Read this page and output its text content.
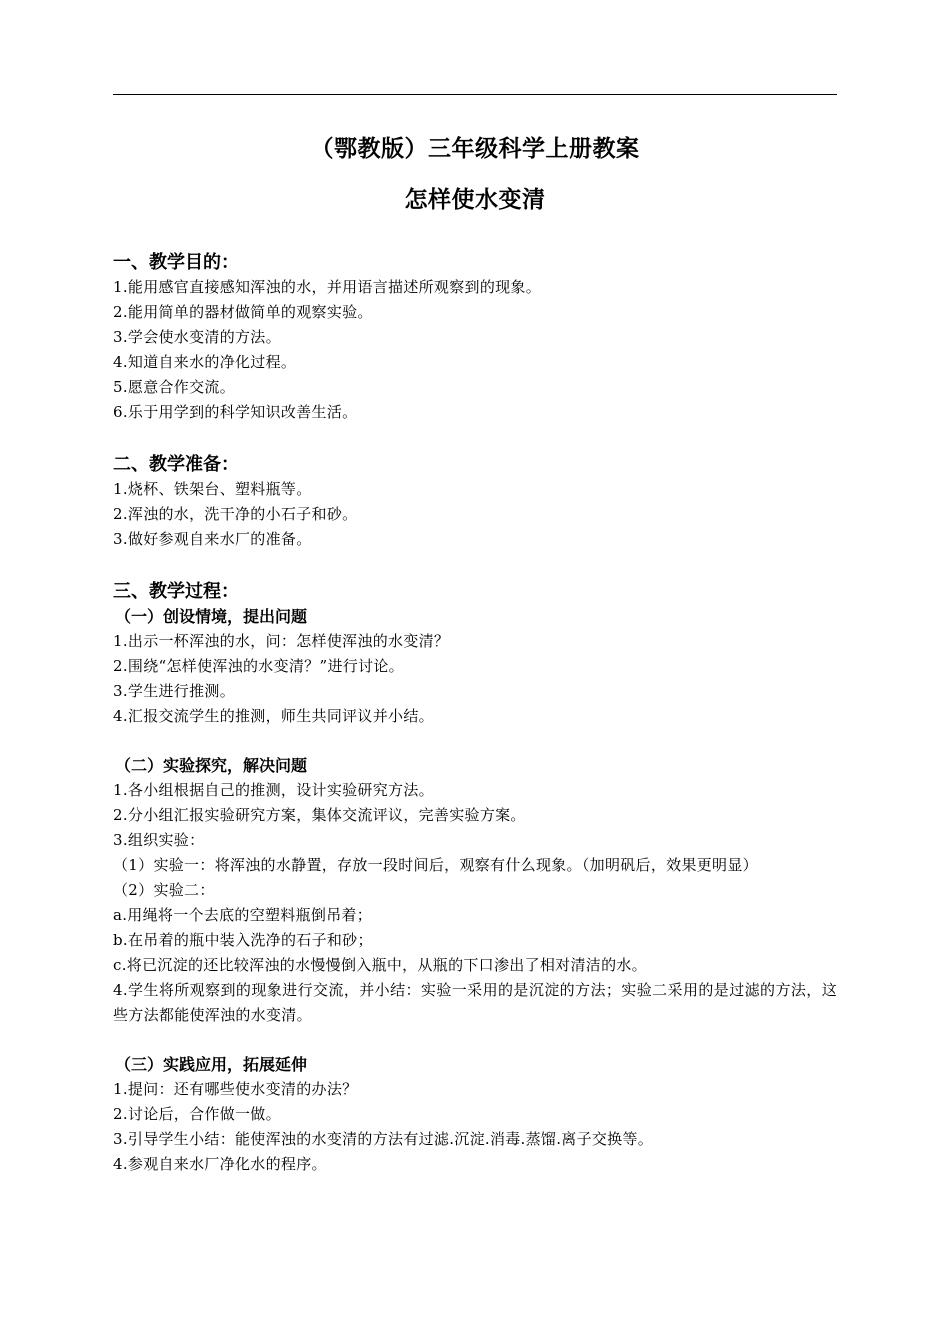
（鄂教版）三年级科学上册教案
怎样使水变清
一、教学目的：
1.能用感官直接感知浑浊的水，并用语言描述所观察到的现象。
2.能用简单的器材做简单的观察实验。
3.学会使水变清的方法。
4.知道自来水的净化过程。
5.愿意合作交流。
6.乐于用学到的科学知识改善生活。
二、教学准备：
1.烧杯、铁架台、塑料瓶等。
2.浑浊的水，洗干净的小石子和砂。
3.做好参观自来水厂的准备。
三、教学过程：
（一）创设情境，提出问题
1.出示一杯浑浊的水，问：怎样使浑浊的水变清？
2.围绕“怎样使浑浊的水变清？”进行讨论。
3.学生进行推测。
4.汇报交流学生的推测，师生共同评议并小结。
（二）实验探究，解决问题
1.各小组根据自己的推测，设计实验研究方法。
2.分小组汇报实验研究方案，集体交流评议，完善实验方案。
3.组织实验：
（1）实验一：将浑浊的水静置，存放一段时间后，观察有什么现象。（加明矾后，效果更明显）
（2）实验二：
a.用绳将一个去底的空塑料瓶倒吊着；
b.在吊着的瓶中装入洗净的石子和砂；
c.将已沉淀的还比较浑浊的水慢慢倒入瓶中，从瓶的下口渗出了相对清洁的水。
4.学生将所观察到的现象进行交流，并小结：实验一采用的是沉淀的方法；实验二采用的是过滤的方法，这些方法都能使浑浊的水变清。
（三）实践应用，拓展延伸
1.提问：还有哪些使水变清的办法？
2.讨论后，合作做一做。
3.引导学生小结：能使浑浊的水变清的方法有过滤.沉淀.消毒.蒸馏.离子交换等。
4.参观自来水厂净化水的程序。
